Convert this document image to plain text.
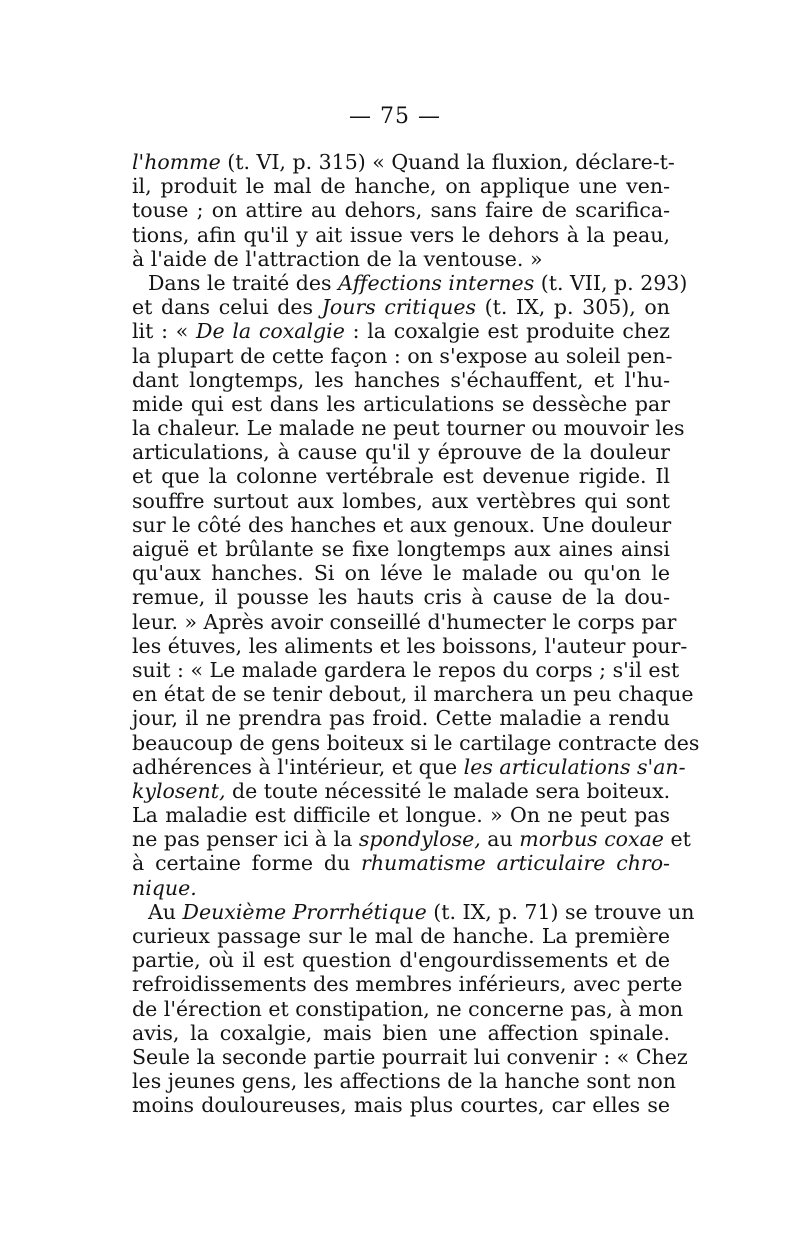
— 75 —
l'homme (t. VI, p. 315) « Quand la fluxion, déclare-t-
il, produit le mal de hanche, on applique une ven-
touse ; on attire au dehors, sans faire de scarifica-
tions, afin qu'il y ait issue vers le dehors à la peau,
à l'aide de l'attraction de la ventouse. »
Dans le traité des Affections internes (t. VII, p. 293)
et dans celui des Jours critiques (t. IX, p. 305), on
lit : « De la coxalgie : la coxalgie est produite chez
la plupart de cette façon : on s'expose au soleil pen-
dant longtemps, les hanches s'échauffent, et l'hu-
mide qui est dans les articulations se dessèche par
la chaleur. Le malade ne peut tourner ou mouvoir les
articulations, à cause qu'il y éprouve de la douleur
et que la colonne vertébrale est devenue rigide. Il
souffre surtout aux lombes, aux vertèbres qui sont
sur le côté des hanches et aux genoux. Une douleur
aiguë et brûlante se fixe longtemps aux aines ainsi
qu'aux hanches. Si on léve le malade ou qu'on le
remue, il pousse les hauts cris à cause de la dou-
leur. » Après avoir conseillé d'humecter le corps par
les étuves, les aliments et les boissons, l'auteur pour-
suit : « Le malade gardera le repos du corps ; s'il est
en état de se tenir debout, il marchera un peu chaque
jour, il ne prendra pas froid. Cette maladie a rendu
beaucoup de gens boiteux si le cartilage contracte des
adhérences à l'intérieur, et que les articulations s'an-
kylosent, de toute nécessité le malade sera boiteux.
La maladie est difficile et longue. » On ne peut pas
ne pas penser ici à la spondylose, au morbus coxae et
à certaine forme du rhumatisme articulaire chro-
nique.
Au Deuxième Prorrhétique (t. IX, p. 71) se trouve un
curieux passage sur le mal de hanche. La première
partie, où il est question d'engourdissements et de
refroidissements des membres inférieurs, avec perte
de l'érection et constipation, ne concerne pas, à mon
avis, la coxalgie, mais bien une affection spinale.
Seule la seconde partie pourrait lui convenir : « Chez
les jeunes gens, les affections de la hanche sont non
moins douloureuses, mais plus courtes, car elles se
